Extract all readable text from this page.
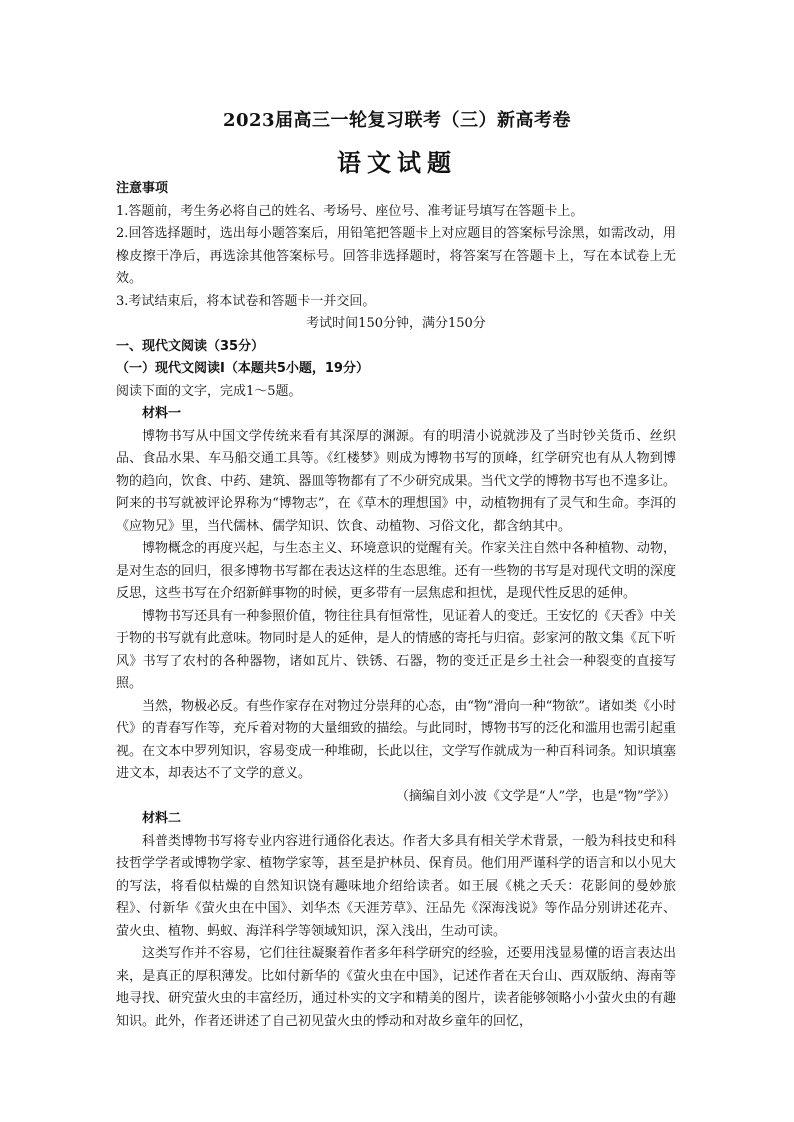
2023届高三一轮复习联考（三）新高考卷
语文试题

注意事项

1.答题前，考生务必将自己的姓名、考场号、座位号、准考证号填写在答题卡上。

2.回答选择题时，选出每小题答案后，用铅笔把答题卡上对应题目的答案标号涂黑，如需改动，用橡皮擦干净后，再选涂其他答案标号。回答非选择题时，将答案写在答题卡上，写在本试卷上无效。

3.考试结束后，将本试卷和答题卡一并交回。

考试时间150分钟，满分150分

一、现代文阅读（35分）

（一）现代文阅读Ⅰ（本题共5小题，19分）

阅读下面的文字，完成1～5题。

材料一

博物书写从中国文学传统来看有其深厚的渊源。有的明清小说就涉及了当时钞关货币、丝织品、食品水果、车马船交通工具等。《红楼梦》则成为博物书写的顶峰，红学研究也有从人物到博物的趋向，饮食、中药、建筑、器皿等物都有了不少研究成果。当代文学的博物书写也不遑多让。阿来的书写就被评论界称为“博物志”，在《草木的理想国》中，动植物拥有了灵气和生命。李洱的《应物兄》里，当代儒林、儒学知识、饮食、动植物、习俗文化，都含纳其中。

博物概念的再度兴起，与生态主义、环境意识的觉醒有关。作家关注自然中各种植物、动物，是对生态的回归，很多博物书写都在表达这样的生态思维。还有一些物的书写是对现代文明的深度反思，这些书写在介绍新鲜事物的时候，更多带有一层焦虑和担忧，是现代性反思的延伸。

博物书写还具有一种参照价值，物往往具有恒常性，见证着人的变迁。王安忆的《天香》中关于物的书写就有此意味。物同时是人的延伸，是人的情感的寄托与归宿。彭家河的散文集《瓦下听风》书写了农村的各种器物，诸如瓦片、铁锈、石器，物的变迁正是乡土社会一种裂变的直接写照。

当然，物极必反。有些作家存在对物过分崇拜的心态，由“物”滑向一种“物欲”。诸如类《小时代》的青春写作等，充斥着对物的大量细致的描绘。与此同时，博物书写的泛化和滥用也需引起重视。在文本中罗列知识，容易变成一种堆砌，长此以往，文学写作就成为一种百科词条。知识填塞进文本，却表达不了文学的意义。

（摘编自刘小波《文学是“人”学，也是“物”学》）

材料二

科普类博物书写将专业内容进行通俗化表达。作者大多具有相关学术背景，一般为科技史和科技哲学学者或博物学家、植物学家等，甚至是护林员、保育员。他们用严谨科学的语言和以小见大的写法，将看似枯燥的自然知识饶有趣味地介绍给读者。如王展《桃之夭夭：花影间的曼妙旅程》、付新华《萤火虫在中国》、刘华杰《天涯芳草》、汪品先《深海浅说》等作品分别讲述花卉、萤火虫、植物、蚂蚁、海洋科学等领域知识，深入浅出，生动可读。

这类写作并不容易，它们往往凝聚着作者多年科学研究的经验，还要用浅显易懂的语言表达出来，是真正的厚积薄发。比如付新华的《萤火虫在中国》，记述作者在天台山、西双版纳、海南等地寻找、研究萤火虫的丰富经历，通过朴实的文字和精美的图片，读者能够领略小小萤火虫的有趣知识。此外，作者还讲述了自己初见萤火虫的悸动和对故乡童年的回忆，
